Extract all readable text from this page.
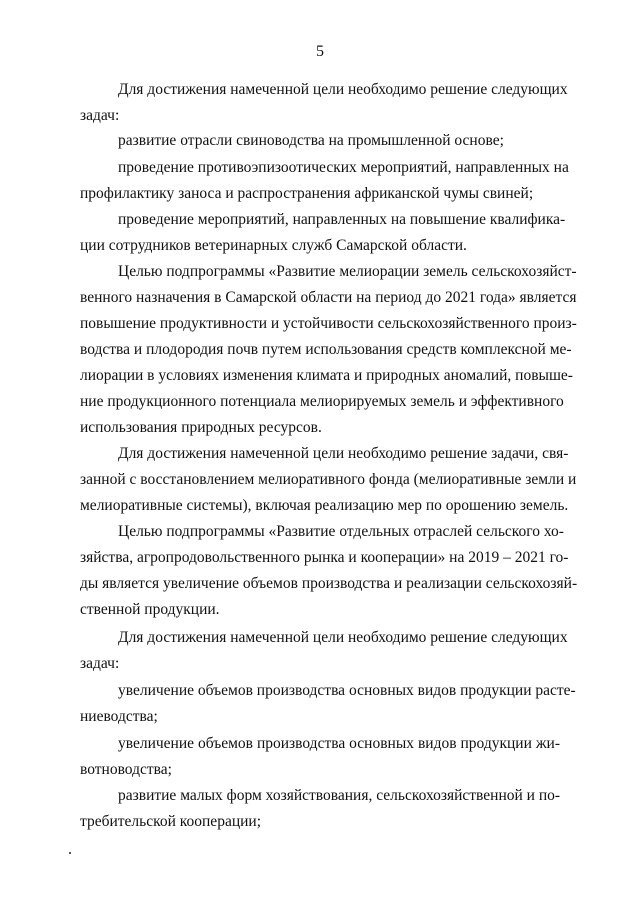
5

Для достижения намеченной цели необходимо решение следующих

задач:

развитие отрасли свиноводства на промышленной основе;

проведение противоэпизоотических мероприятий, направленных на

профилактику заноса и распространения африканской чумы свиней;

проведение мероприятий, направленных на повышение квалифика-

ции сотрудников ветеринарных служб Самарской области.

Целью подпрограммы «Развитие мелиорации земель сельскохозяйст-

венного назначения в Самарской области на период до 2021 года» является

повышение продуктивности и устойчивости сельскохозяйственного произ-

водства и плодородия почв путем использования средств комплексной ме-

лиорации в условиях изменения климата и природных аномалий, повыше-

ние продукционного потенциала мелиорируемых земель и эффективного

использования природных ресурсов.

Для достижения намеченной цели необходимо решение задачи, свя-

занной с восстановлением мелиоративного фонда (мелиоративные земли и

мелиоративные системы), включая реализацию мер по орошению земель.

Целью подпрограммы «Развитие отдельных отраслей сельского хо-

зяйства, агропродовольственного рынка и кооперации» на 2019 – 2021 го-

ды является увеличение объемов производства и реализации сельскохозяй-

ственной продукции.

Для достижения намеченной цели необходимо решение следующих

задач:

увеличение объемов производства основных видов продукции расте-

ниеводства;

увеличение объемов производства основных видов продукции жи-

вотноводства;

развитие малых форм хозяйствования, сельскохозяйственной и по-

требительской кооперации;
